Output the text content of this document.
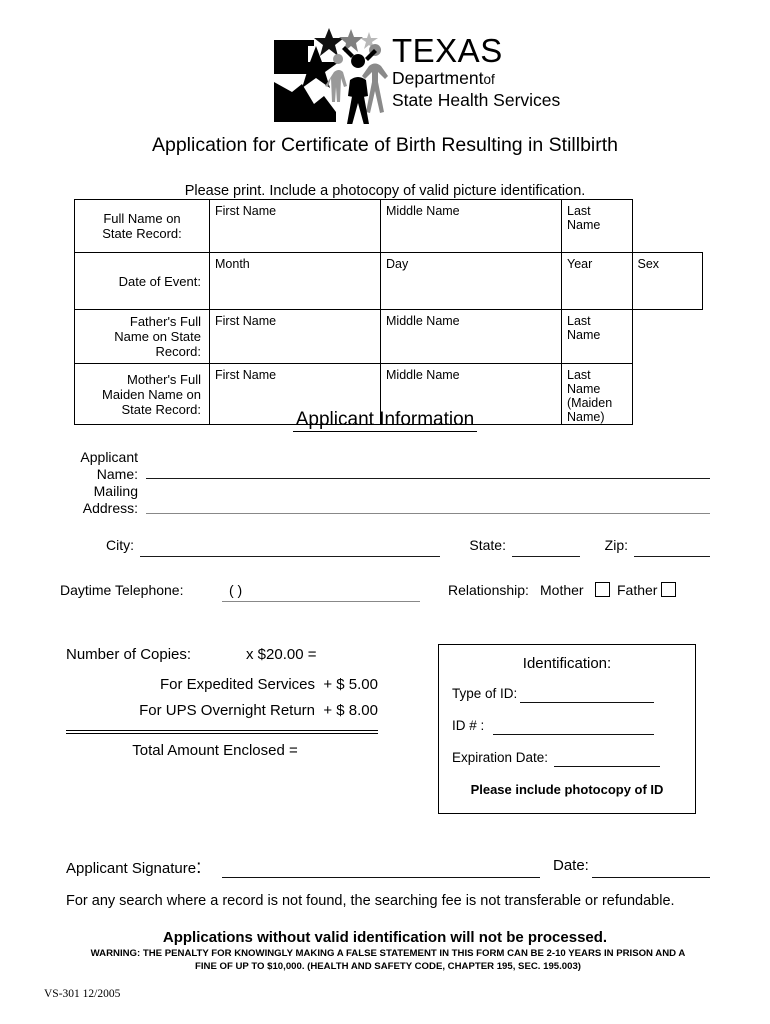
TEXAS
Departmentof
State Health Services
Application for Certificate of Birth Resulting in Stillbirth
Please print. Include a photocopy of valid picture identification.
Full Name on
State Record:	First Name	Middle Name	Last Name	
Date of Event:	Month	Day	Year	Sex
Father's Full
Name on State
Record:	First Name	Middle Name	Last Name	
Mother's Full
Maiden Name on
State Record:	First Name	Middle Name	Last Name (Maiden Name)	
Applicant Information
Applicant
Name:
Mailing
Address:
City:	State:	Zip:
Daytime Telephone:	( )	Relationship: Mother	Father
Number of Copies:	x $20.00 =
For Expedited Services  + $ 5.00
For UPS Overnight Return  + $ 8.00
Total Amount Enclosed =
Identification:
Type of ID:
ID # :
Expiration Date:
Please include photocopy of ID
Applicant Signature:	Date:
For any search where a record is not found, the searching fee is not transferable or refundable.
Applications without valid identification will not be processed.
WARNING: THE PENALTY FOR KNOWINGLY MAKING A FALSE STATEMENT IN THIS FORM CAN BE 2-10 YEARS IN PRISON AND A FINE OF UP TO $10,000. (HEALTH AND SAFETY CODE, CHAPTER 195, SEC. 195.003)
VS-301 12/2005
